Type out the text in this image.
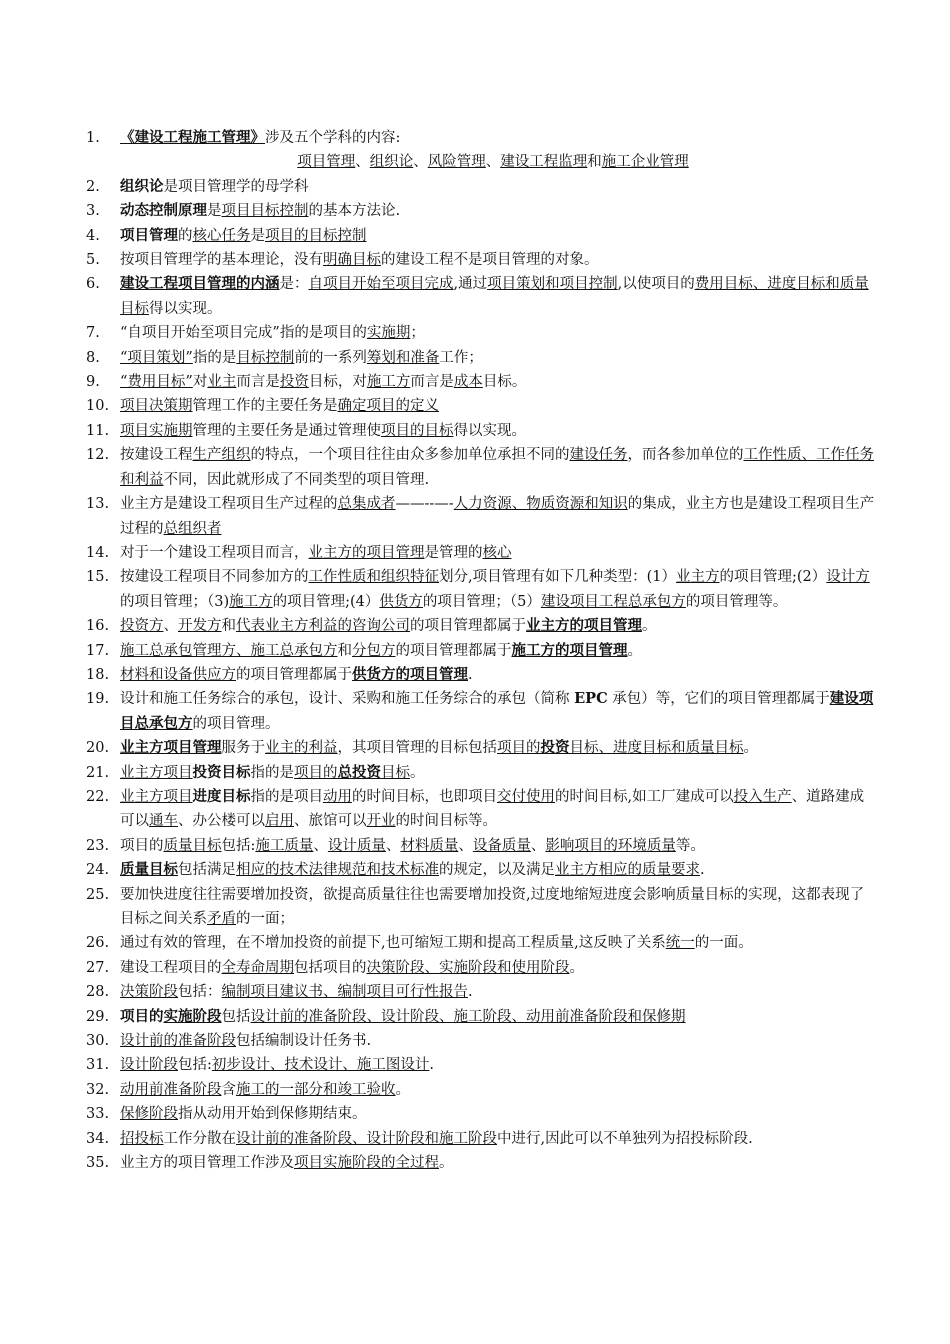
1.	《建设工程施工管理》涉及五个学科的内容:
项目管理、组织论、风险管理、建设工程监理和施工企业管理
2.	组织论是项目管理学的母学科
3.	动态控制原理是项目目标控制的基本方法论.
4.	项目管理的核心任务是项目的目标控制
5.	按项目管理学的基本理论，没有明确目标的建设工程不是项目管理的对象。
6.	建设工程项目管理的内涵是：自项目开始至项目完成,通过项目策划和项目控制,以使项目的费用目标、进度目标和质量目标得以实现。
7.	“自项目开始至项目完成”指的是项目的实施期；
8.	“项目策划”指的是目标控制前的一系列筹划和准备工作；
9.	“费用目标”对业主而言是投资目标，对施工方而言是成本目标。
10. 项目决策期管理工作的主要任务是确定项目的定义
11. 项目实施期管理的主要任务是通过管理使项目的目标得以实现。
12. 按建设工程生产组织的特点，一个项目往往由众多参加单位承担不同的建设任务，而各参加单位的工作性质、工作任务和利益不同，因此就形成了不同类型的项目管理.
13. 业主方是建设工程项目生产过程的总集成者——--—-人力资源、物质资源和知识的集成，业主方也是建设工程项目生产过程的总组织者
14. 对于一个建设工程项目而言，业主方的项目管理是管理的核心
15. 按建设工程项目不同参加方的工作性质和组织特征划分,项目管理有如下几种类型：(1）业主方的项目管理;(2）设计方的项目管理；（3)施工方的项目管理;(4）供货方的项目管理；（5）建设项目工程总承包方的项目管理等。
16. 投资方、开发方和代表业主方利益的咨询公司的项目管理都属于业主方的项目管理。
17. 施工总承包管理方、施工总承包方和分包方的项目管理都属于施工方的项目管理。
18. 材料和设备供应方的项目管理都属于供货方的项目管理.
19. 设计和施工任务综合的承包，设计、采购和施工任务综合的承包（简称 EPC 承包）等，它们的项目管理都属于建设项目总承包方的项目管理。
20. 业主方项目管理服务于业主的利益，其项目管理的目标包括项目的投资目标、进度目标和质量目标。
21. 业主方项目投资目标指的是项目的总投资目标。
22. 业主方项目进度目标指的是项目动用的时间目标，也即项目交付使用的时间目标,如工厂建成可以投入生产、道路建成可以通车、办公楼可以启用、旅馆可以开业的时间目标等。
23. 项目的质量目标包括:施工质量、设计质量、材料质量、设备质量、影响项目的环境质量等。
24. 质量目标包括满足相应的技术法律规范和技术标准的规定，以及满足业主方相应的质量要求.
25. 要加快进度往往需要增加投资，欲提高质量往往也需要增加投资,过度地缩短进度会影响质量目标的实现，这都表现了目标之间关系矛盾的一面；
26. 通过有效的管理，在不增加投资的前提下,也可缩短工期和提高工程质量,这反映了关系统一的一面。
27. 建设工程项目的全寿命周期包括项目的决策阶段、实施阶段和使用阶段。
28. 决策阶段包括：编制项目建议书、编制项目可行性报告.
29. 项目的实施阶段包括设计前的准备阶段、设计阶段、施工阶段、动用前准备阶段和保修期
30. 设计前的准备阶段包括编制设计任务书.
31. 设计阶段包括:初步设计、技术设计、施工图设计.
32. 动用前准备阶段含施工的一部分和竣工验收。
33. 保修阶段指从动用开始到保修期结束。
34. 招投标工作分散在设计前的准备阶段、设计阶段和施工阶段中进行,因此可以不单独列为招投标阶段.
35. 业主方的项目管理工作涉及项目实施阶段的全过程。
